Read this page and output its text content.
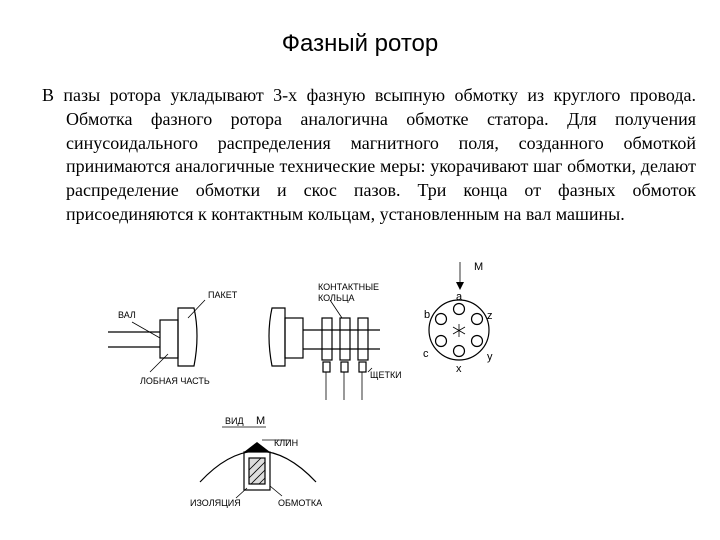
Фазный ротор

В пазы ротора укладывают 3-х фазную всыпную обмотку из круглого провода. Обмотка фазного ротора аналогична обмотке статора. Для получения синусоидального распределения магнитного поля, созданного обмоткой принимаются аналогичные технические меры: укорачивают шаг обмотки, делают распределение обмотки и скос пазов. Три конца от фазных обмоток присоединяются к контактным кольцам, установленным на вал машины.

ВАЛ
ПАКЕТ
ЛОБНАЯ ЧАСТЬ
КОНТАКТНЫЕ
КОЛЬЦА
ЩЕТКИ
М
a
b	z
c	y
x
ВИД М
КЛИН
ИЗОЛЯЦИЯ	ОБМОТКА
